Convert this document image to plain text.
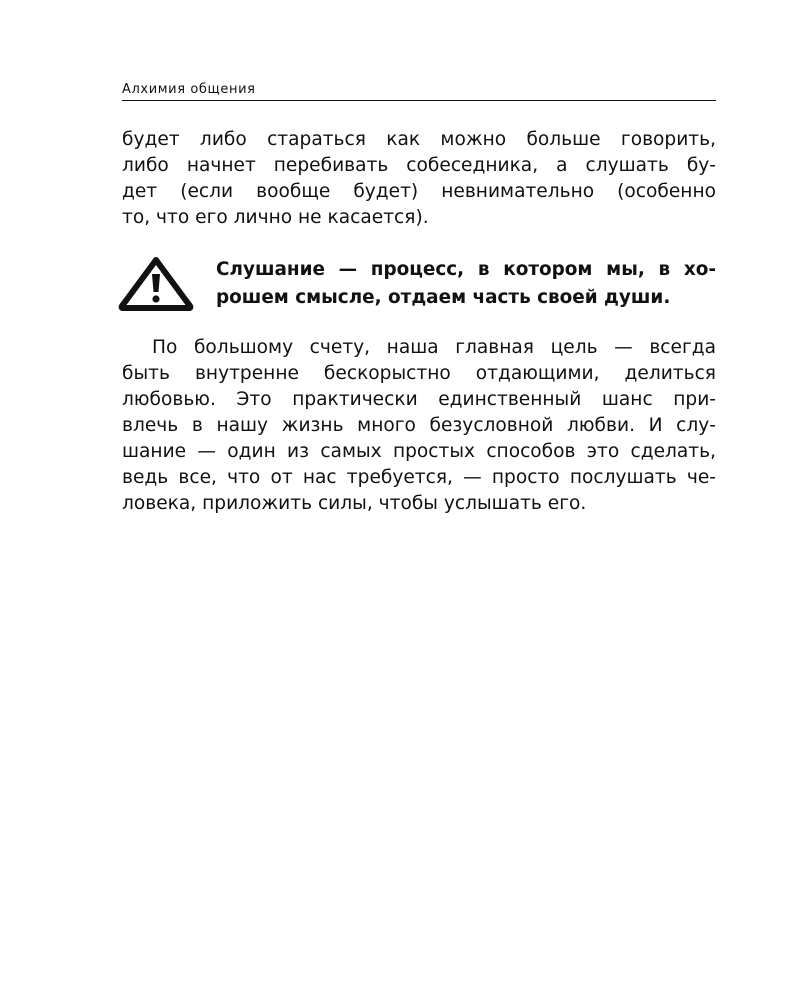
Алхимия общения

будет либо стараться как можно больше говорить,
либо начнет перебивать собеседника, а слушать бу-
дет (если вообще будет) невнимательно (особенно
то, что его лично не касается).

Слушание — процесс, в котором мы, в хо-
рошем смысле, отдаем часть своей души.

По большому счету, наша главная цель — всегда
быть внутренне бескорыстно отдающими, делиться
любовью. Это практически единственный шанс при-
влечь в нашу жизнь много безусловной любви. И слу-
шание — один из самых простых способов это сделать,
ведь все, что от нас требуется, — просто послушать че-
ловека, приложить силы, чтобы услышать его.
